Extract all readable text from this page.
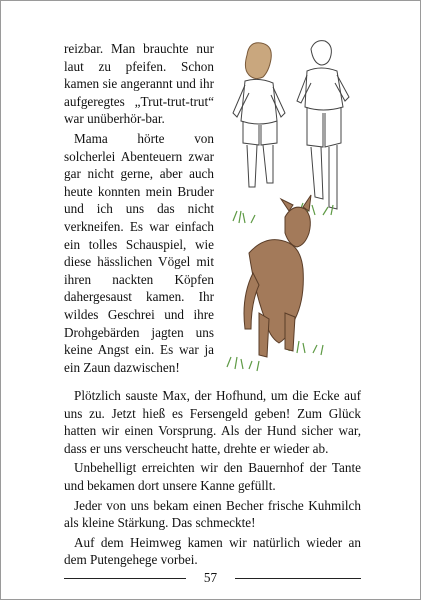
reizbar. Man brauchte nur laut zu pfeifen. Schon kamen sie angerannt und ihr aufgeregtes „Trut-trut-trut“ war unüberhör-bar.

Mama hörte von solcherlei Abenteuern zwar gar nicht gerne, aber auch heute konnten mein Bruder und ich uns das nicht verkneifen. Es war einfach ein tolles Schauspiel, wie diese hässlichen Vögel mit ihren nackten Köpfen dahergesaust kamen. Ihr wildes Geschrei und ihre Drohgebärden jagten uns keine Angst ein. Es war ja ein Zaun dazwischen!

Plötzlich sauste Max, der Hofhund, um die Ecke auf uns zu. Jetzt hieß es Fersengeld geben! Zum Glück hatten wir einen Vorsprung. Als der Hund sicher war, dass er uns verscheucht hatte, drehte er wieder ab.

Unbehelligt erreichten wir den Bauernhof der Tante und bekamen dort unsere Kanne gefüllt.

Jeder von uns bekam einen Becher frische Kuhmilch als kleine Stärkung. Das schmeckte!

Auf dem Heimweg kamen wir natürlich wieder an dem Putengehege vorbei.

57
